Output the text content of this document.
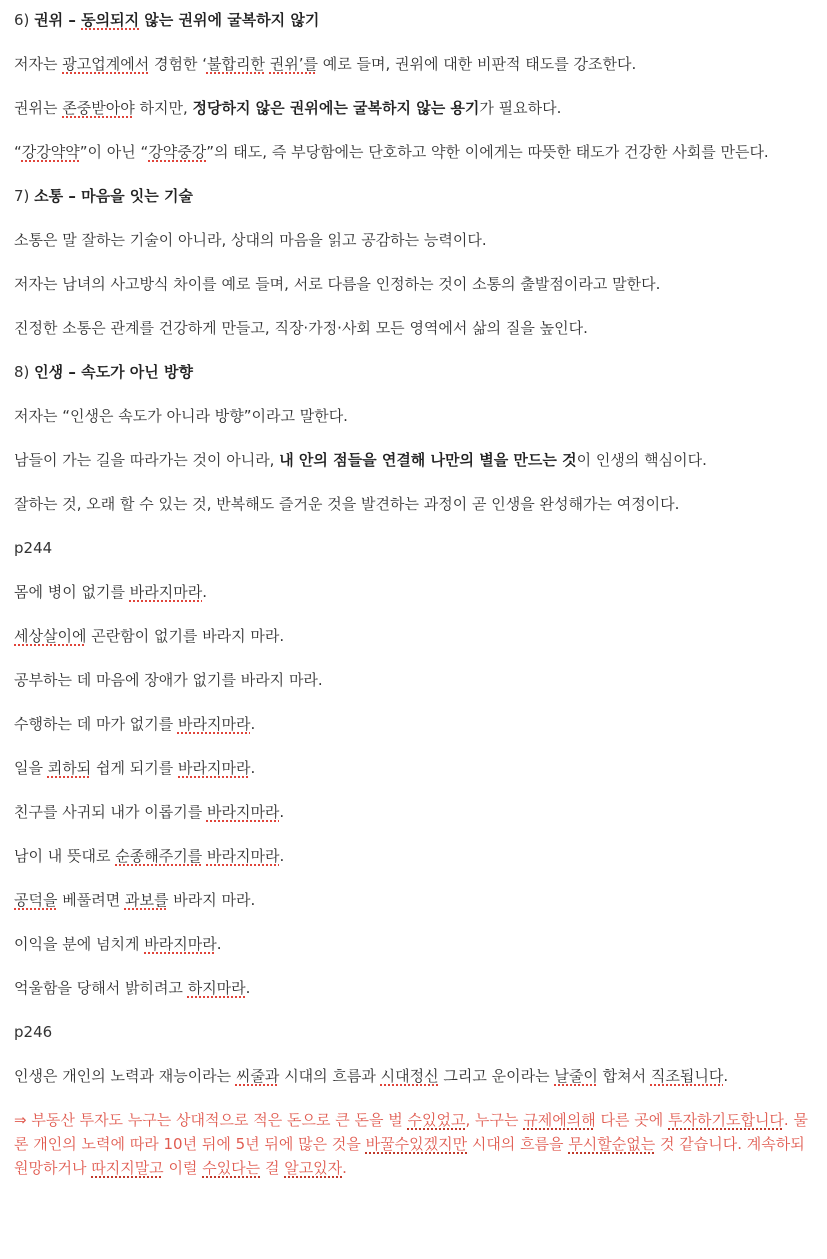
6) 권위 – 동의되지 않는 권위에 굴복하지 않기

저자는 광고업계에서 경험한 ‘불합리한 권위’를 예로 들며, 권위에 대한 비판적 태도를 강조한다.

권위는 존중받아야 하지만, 정당하지 않은 권위에는 굴복하지 않는 용기가 필요하다.

“강강약약”이 아닌 “강약중강”의 태도, 즉 부당함에는 단호하고 약한 이에게는 따뜻한 태도가 건강한 사회를 만든다.

7) 소통 – 마음을 잇는 기술

소통은 말 잘하는 기술이 아니라, 상대의 마음을 읽고 공감하는 능력이다.

저자는 남녀의 사고방식 차이를 예로 들며, 서로 다름을 인정하는 것이 소통의 출발점이라고 말한다.

진정한 소통은 관계를 건강하게 만들고, 직장·가정·사회 모든 영역에서 삶의 질을 높인다.

8) 인생 – 속도가 아닌 방향

저자는 “인생은 속도가 아니라 방향”이라고 말한다.

남들이 가는 길을 따라가는 것이 아니라, 내 안의 점들을 연결해 나만의 별을 만드는 것이 인생의 핵심이다.

잘하는 것, 오래 할 수 있는 것, 반복해도 즐거운 것을 발견하는 과정이 곧 인생을 완성해가는 여정이다.

p244

몸에 병이 없기를 바라지마라.

세상살이에 곤란함이 없기를 바라지 마라.

공부하는 데 마음에 장애가 없기를 바라지 마라.

수행하는 데 마가 없기를 바라지마라.

일을 쾨하되 쉽게 되기를 바라지마라.

친구를 사귀되 내가 이롭기를 바라지마라.

남이 내 뜻대로 순종해주기를 바라지마라.

공덕을 베풀려면 과보를 바라지 마라.

이익을 분에 넘치게 바라지마라.

억울함을 당해서 밝히려고 하지마라.

p246

인생은 개인의 노력과 재능이라는 씨줄과 시대의 흐름과 시대정신 그리고 운이라는 날줄이 합쳐서 직조됩니다.

⇒ 부동산 투자도 누구는 상대적으로 적은 돈으로 큰 돈을 벌 수있었고, 누구는 규제에의해 다른 곳에 투자하기도합니다. 물론 개인의 노력에 따라 10년 뒤에 5년 뒤에 많은 것을 바꿀수있겠지만 시대의 흐름을 무시할순없는 것 같습니다. 계속하되 원망하거나 따지지말고 이럴 수있다는 걸 알고있자.
